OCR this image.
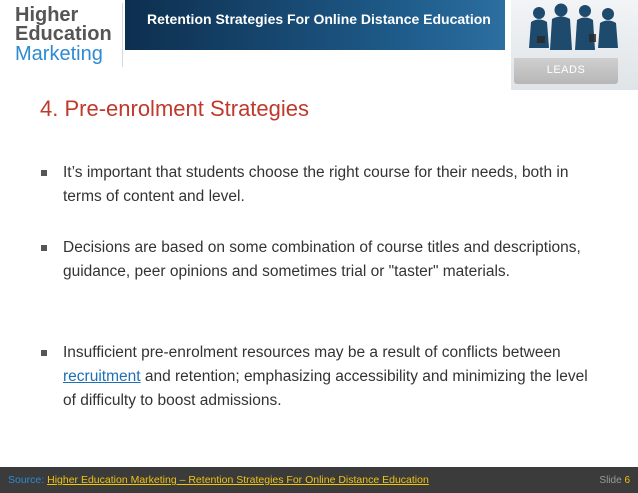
Higher
Education
Marketing
Retention Strategies For Online Distance Education
LEADS
4. Pre-enrolment Strategies
It’s important that students choose the right course for their needs, both in terms of content and level.
Decisions are based on some combination of course titles and descriptions, guidance, peer opinions and sometimes trial or "taster" materials.
Insufficient pre-enrolment resources may be a result of conflicts between recruitment and retention; emphasizing accessibility and minimizing the level of difficulty to boost admissions.
Source: Higher Education Marketing – Retention Strategies For Online Distance Education	Slide 6
